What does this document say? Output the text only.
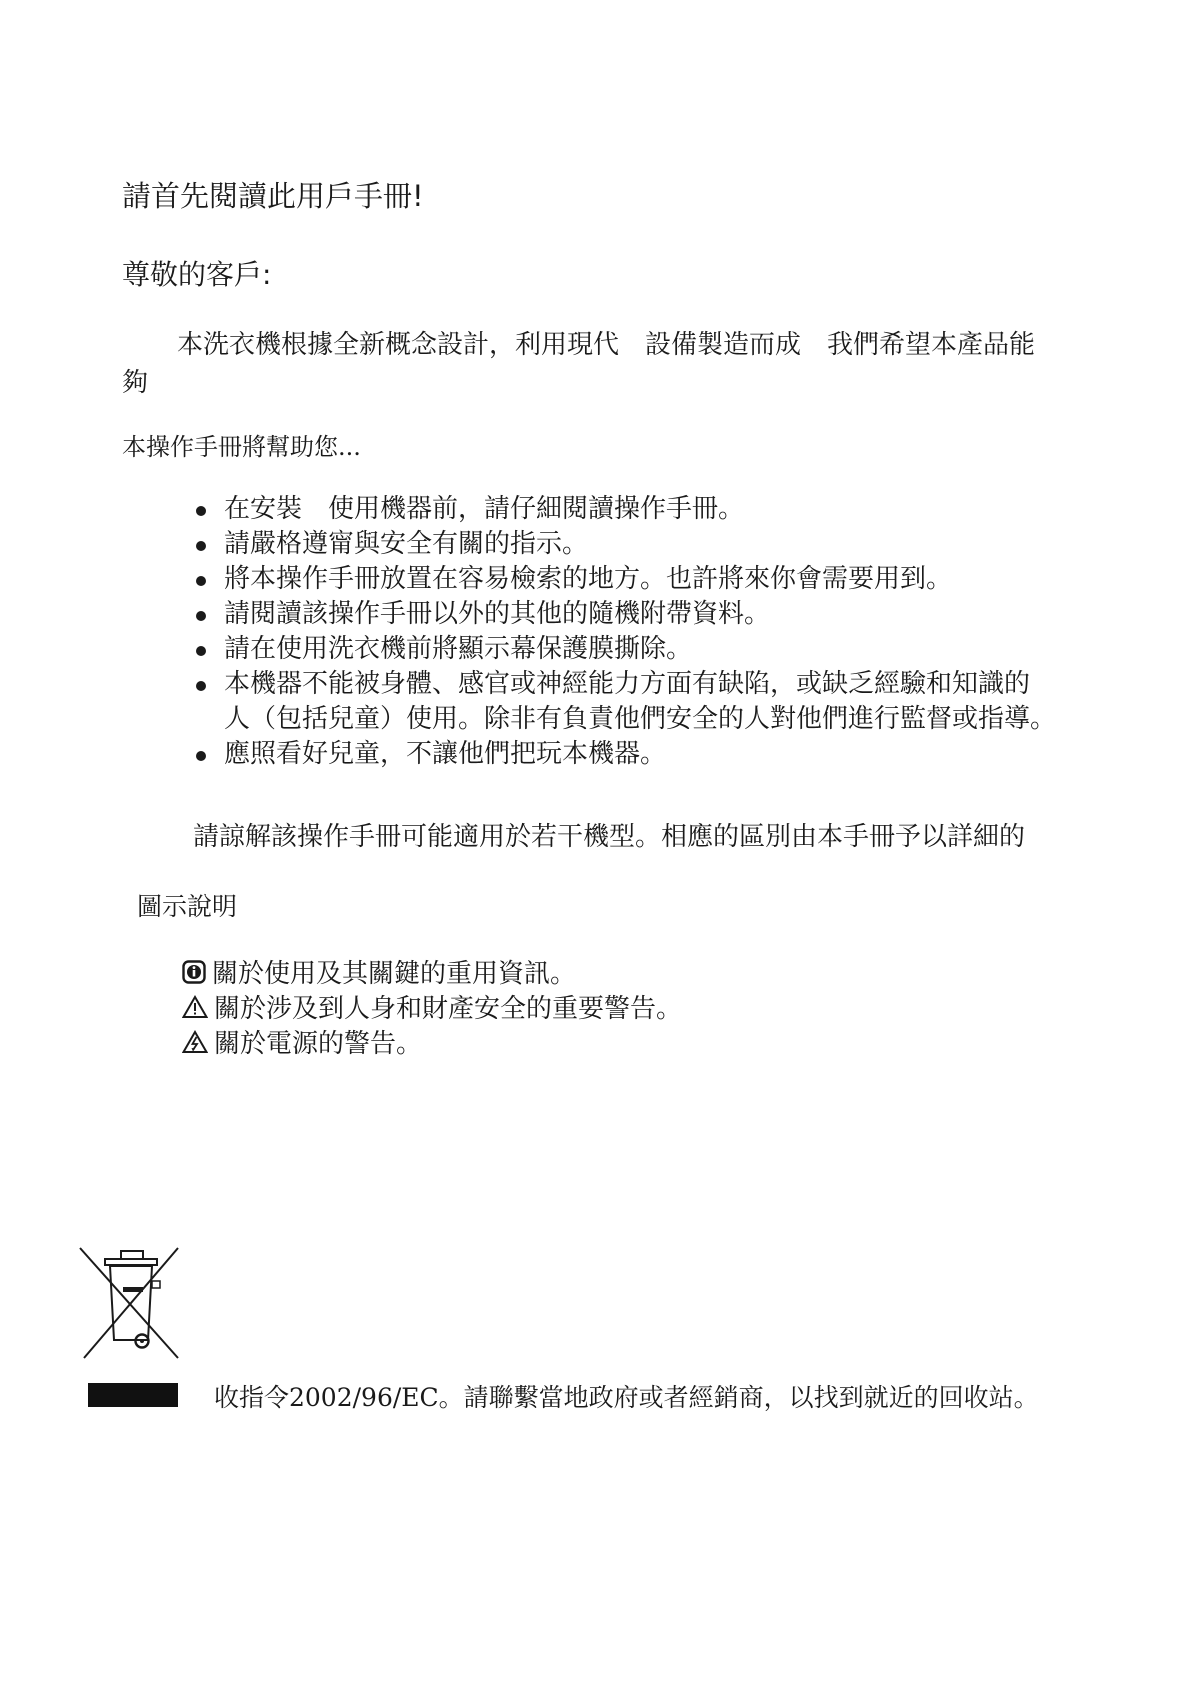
請首先閱讀此用戶手冊!
尊敬的客戶:
本洗衣機根據全新概念設計，利用現代　設備製造而成　我們希望本產品能
夠
本操作手冊將幫助您...
在安裝　使用機器前，請仔細閱讀操作手冊。
請嚴格遵甯與安全有關的指示。
將本操作手冊放置在容易檢索的地方。也許將來你會需要用到。
請閱讀該操作手冊以外的其他的隨機附帶資料。
請在使用洗衣機前將顯示幕保護膜撕除。
本機器不能被身體、感官或神經能力方面有缺陷，或缺乏經驗和知識的
人（包括兒童）使用。除非有負責他們安全的人對他們進行監督或指導。
應照看好兒童，不讓他們把玩本機器。
請諒解該操作手冊可能適用於若干機型。相應的區別由本手冊予以詳細的
圖示說明
關於使用及其關鍵的重用資訊。
關於涉及到人身和財產安全的重要警告。
關於電源的警告。
收指令2002/96/EC。請聯繫當地政府或者經銷商，以找到就近的回收站。
